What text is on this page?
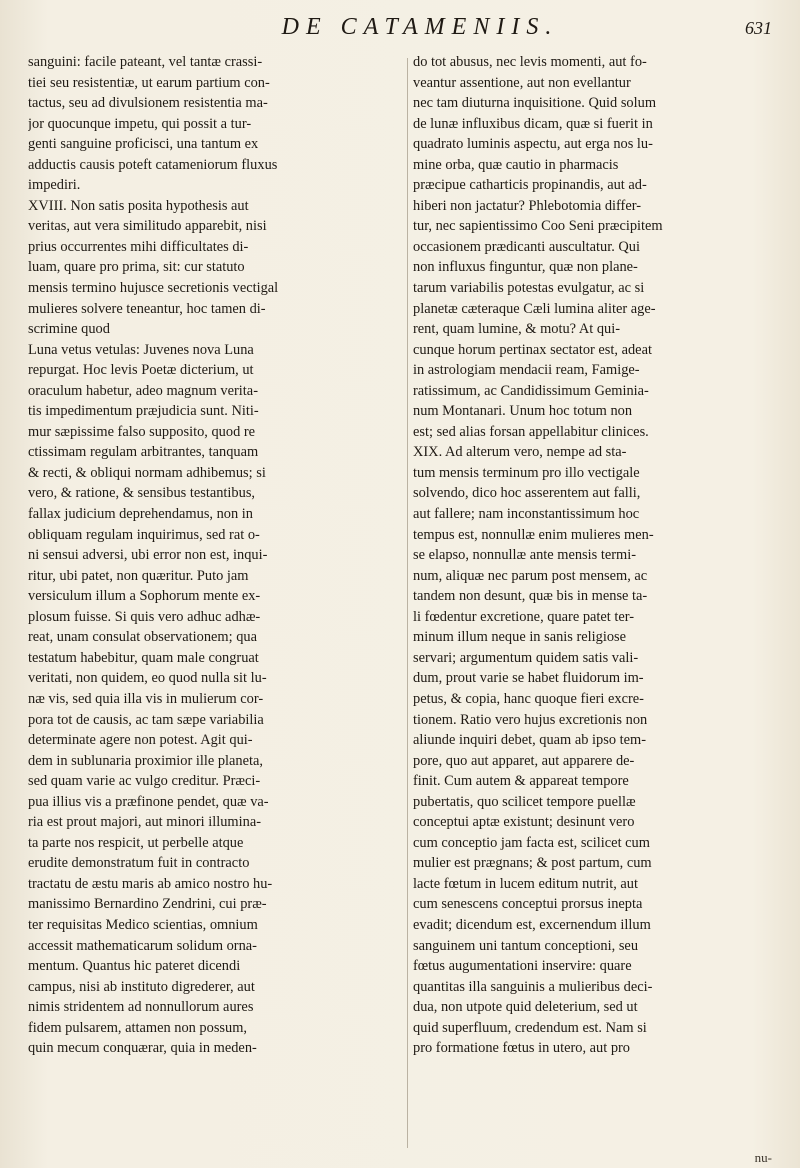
DE CATAMENIIS.	631
sanguini: facile pateant, vel tantæ crassi-
tiei seu resistentiæ, ut earum partium con-
tactus, seu ad divulsionem resistentia ma-
jor quocunque impetu, qui possit a tur-
genti sanguine proficisci, una tantum ex
adductis causis poteft catameniorum fluxus
impediri.
XVIII. Non satis posita hypothesis aut
veritas, aut vera similitudo apparebit, nisi
prius occurrentes mihi difficultates di-
luam, quare pro prima, sit: cur statuto
mensis termino hujusce secretionis vectigal
mulieres solvere teneantur, hoc tamen di-
scrimine quod
Luna vetus vetulas: Juvenes nova Luna
repurgat. Hoc levis Poetæ dicterium, ut
oraculum habetur, adeo magnum verita-
tis impedimentum præjudicia sunt. Niti-
mur sæpissime falso supposito, quod re
ctissimam regulam arbitrantes, tanquam
& recti, & obliqui normam adhibemus; si
vero, & ratione, & sensibus testantibus,
fallax judicium deprehendamus, non in
obliquam regulam inquirimus, sed rat o-
ni sensui adversi, ubi error non est, inqui-
ritur, ubi patet, non quæritur. Puto jam
versiculum illum a Sophorum mente ex-
plosum fuisse. Si quis vero adhuc adhæ-
reat, unam consulat observationem; qua
testatum habebitur, quam male congruat
veritati, non quidem, eo quod nulla sit lu-
næ vis, sed quia illa vis in mulierum cor-
pora tot de causis, ac tam sæpe variabilia
determinate agere non potest. Agit qui-
dem in sublunaria proximior ille planeta,
sed quam varie ac vulgo creditur. Præci-
pua illius vis a præfinone pendet, quæ va-
ria est prout majori, aut minori illumina-
ta parte nos respicit, ut perbelle atque
erudite demonstratum fuit in contracto
tractatu de æstu maris ab amico nostro hu-
manissimo Bernardino Zendrini, cui præ-
ter requisitas Medico scientias, omnium
accessit mathematicarum solidum orna-
mentum. Quantus hic pateret dicendi
campus, nisi ab instituto digrederer, aut
nimis stridentem ad nonnullorum aures
fidem pulsarem, attamen non possum,
quin mecum conquærar, quia in meden-
do tot abusus, nec levis momenti, aut fo-
veantur assentione, aut non evellantur
nec tam diuturna inquisitione. Quid solum
de lunæ influxibus dicam, quæ si fuerit in
quadrato luminis aspectu, aut erga nos lu-
mine orba, quæ cautio in pharmacis
præcipue catharticis propinandis, aut ad-
hiberi non jactatur? Phlebotomia differ-
tur, nec sapientissimo Coo Seni præcipitem
occasionem prædicanti auscultatur. Qui
non influxus finguntur, quæ non plane-
tarum variabilis potestas evulgatur, ac si
planetæ cæteraque Cæli lumina aliter age-
rent, quam lumine, & motu? At qui-
cunque horum pertinax sectator est, adeat
in astrologiam mendacii ream, Famige-
ratissimum, ac Candidissimum Geminia-
num Montanari. Unum hoc totum non
est; sed alias forsan appellabitur clinices.
XIX. Ad alterum vero, nempe ad sta-
tum mensis terminum pro illo vectigale
solvendo, dico hoc asserentem aut falli,
aut fallere; nam inconstantissimum hoc
tempus est, nonnullæ enim mulieres men-
se elapso, nonnullæ ante mensis termi-
num, aliquæ nec parum post mensem, ac
tandem non desunt, quæ bis in mense ta-
li fœdentur excretione, quare patet ter-
minum illum neque in sanis religiose
servari; argumentum quidem satis vali-
dum, prout varie se habet fluidorum im-
petus, & copia, hanc quoque fieri excre-
tionem. Ratio vero hujus excretionis non
aliunde inquiri debet, quam ab ipso tem-
pore, quo aut apparet, aut apparere de-
finit. Cum autem & appareat tempore
pubertatis, quo scilicet tempore puellæ
conceptui aptæ existunt; desinunt vero
cum conceptio jam facta est, scilicet cum
mulier est prægnans; & post partum, cum
lacte fœtum in lucem editum nutrit, aut
cum senescens conceptui prorsus inepta
evadit; dicendum est, excernendum illum
sanguinem uni tantum conceptioni, seu
fœtus augumentationi inservire: quare
quantitas illa sanguinis a mulieribus deci-
dua, non utpote quid deleterium, sed ut
quid superfluum, credendum est. Nam si
pro formatione fœtus in utero, aut pro
nu-
